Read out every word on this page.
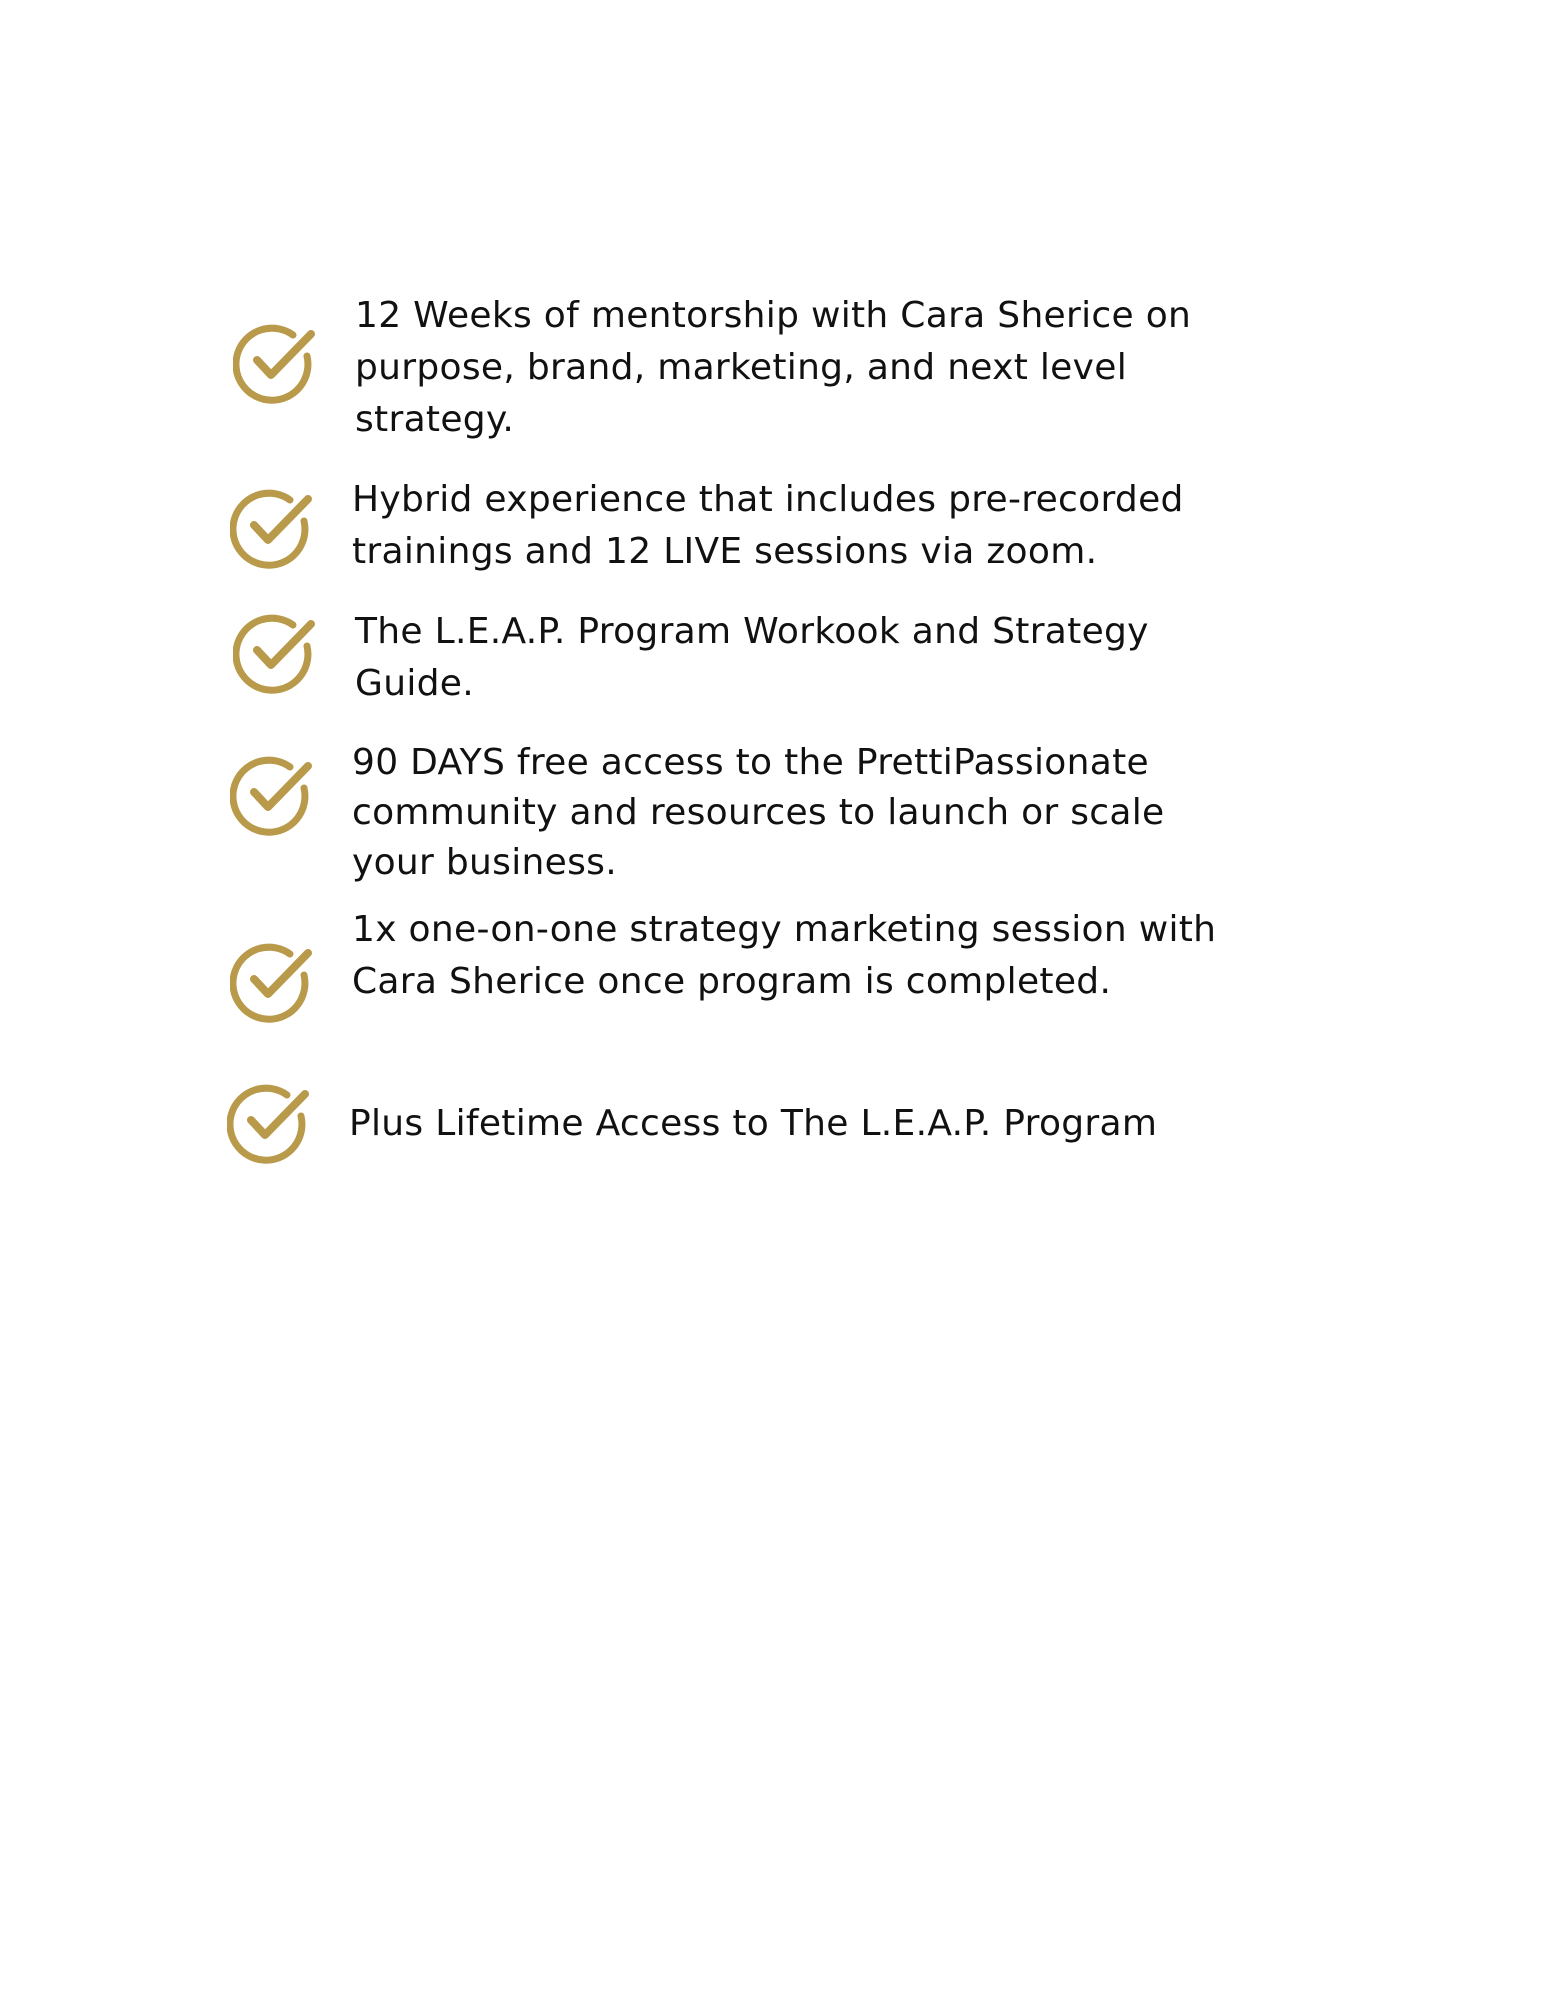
12 Weeks of mentorship with Cara Sherice on purpose, brand, marketing, and next level strategy.
Hybrid experience that includes pre-recorded trainings and 12 LIVE sessions via zoom.
The L.E.A.P. Program Workook and Strategy Guide.
90 DAYS free access to the PrettiPassionate community and resources to launch or scale your business.
1x one-on-one strategy marketing session with Cara Sherice once program is completed.
Plus Lifetime Access to The L.E.A.P. Program
